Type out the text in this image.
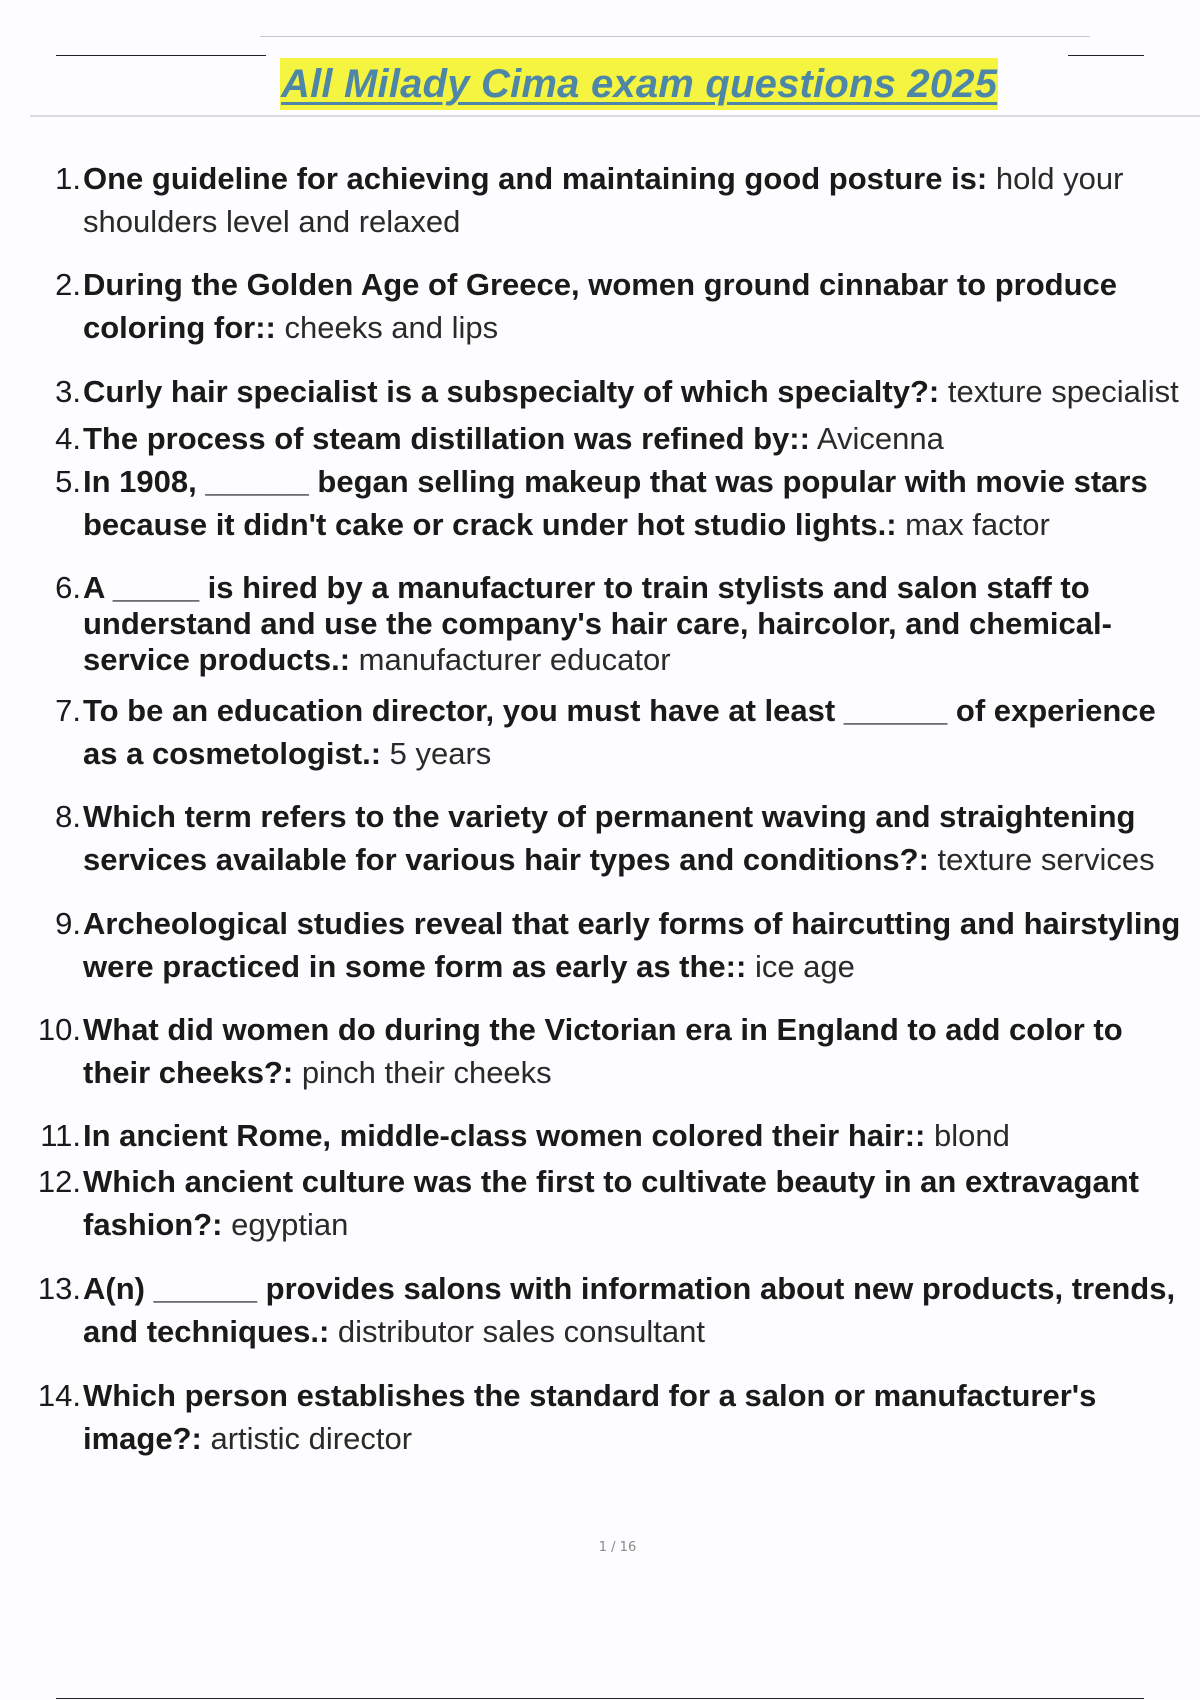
All Milady Cima exam questions 2025
1. One guideline for achieving and maintaining good posture is: hold your
shoulders level and relaxed
2. During the Golden Age of Greece, women ground cinnabar to produce
coloring for:: cheeks and lips
3. Curly hair specialist is a subspecialty of which specialty?: texture specialist
4. The process of steam distillation was refined by:: Avicenna
5. In 1908, ______ began selling makeup that was popular with movie stars
because it didn't cake or crack under hot studio lights.: max factor
6. A _____ is hired by a manufacturer to train stylists and salon staff to
understand and use the company's hair care, haircolor, and chemical-
service products.: manufacturer educator
7. To be an education director, you must have at least ______ of experience
as a cosmetologist.: 5 years
8. Which term refers to the variety of permanent waving and straightening
services available for various hair types and conditions?: texture services
9. Archeological studies reveal that early forms of haircutting and hairstyling
were practiced in some form as early as the:: ice age
10. What did women do during the Victorian era in England to add color to
their cheeks?: pinch their cheeks
11. In ancient Rome, middle-class women colored their hair:: blond
12. Which ancient culture was the first to cultivate beauty in an extravagant
fashion?: egyptian
13. A(n) ______ provides salons with information about new products, trends,
and techniques.: distributor sales consultant
14. Which person establishes the standard for a salon or manufacturer's
image?: artistic director
1 / 16
